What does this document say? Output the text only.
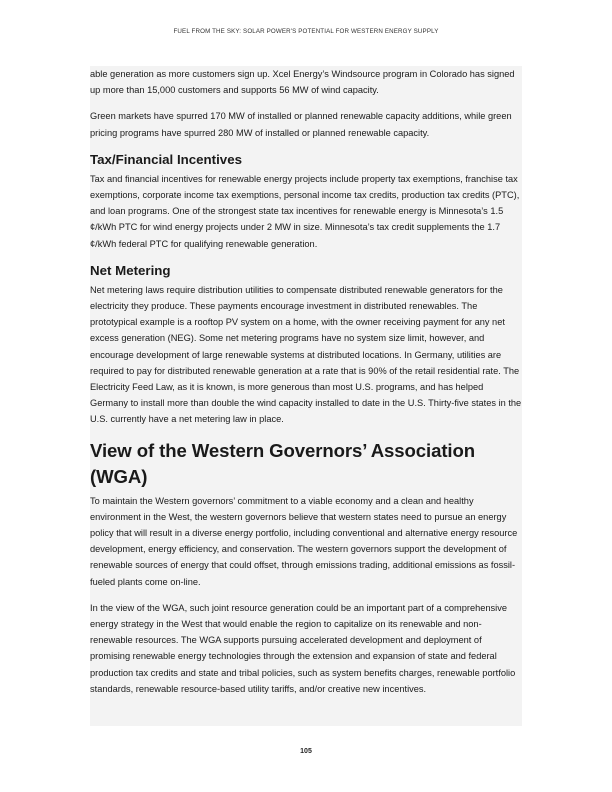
FUEL FROM THE SKY: SOLAR POWER'S POTENTIAL FOR WESTERN ENERGY SUPPLY

able generation as more customers sign up. Xcel Energy’s Windsource program in Colorado has signed up more than 15,000 customers and supports 56 MW of wind capacity.

Green markets have spurred 170 MW of installed or planned renewable capacity additions, while green pricing programs have spurred 280 MW of installed or planned renewable capacity.

Tax/Financial Incentives

Tax and financial incentives for renewable energy projects include property tax exemptions, franchise tax exemptions, corporate income tax exemptions, personal income tax credits, production tax credits (PTC), and loan programs. One of the strongest state tax incentives for renewable energy is Minnesota’s 1.5 ¢/kWh PTC for wind energy projects under 2 MW in size. Minnesota’s tax credit supplements the 1.7 ¢/kWh federal PTC for qualifying renewable generation.

Net Metering

Net metering laws require distribution utilities to compensate distributed renewable generators for the electricity they produce. These payments encourage investment in distributed renewables. The prototypical example is a rooftop PV system on a home, with the owner receiving payment for any net excess generation (NEG). Some net metering programs have no system size limit, however, and encourage development of large renewable systems at distributed locations. In Germany, utilities are required to pay for distributed renewable generation at a rate that is 90% of the retail residential rate. The Electricity Feed Law, as it is known, is more generous than most U.S. programs, and has helped Germany to install more than double the wind capacity installed to date in the U.S. Thirty-five states in the U.S. currently have a net metering law in place.

View of the Western Governors’ Association (WGA)

To maintain the Western governors’ commitment to a viable economy and a clean and healthy environment in the West, the western governors believe that western states need to pursue an energy policy that will result in a diverse energy portfolio, including conventional and alternative energy resource development, energy efficiency, and conservation. The western governors support the development of renewable sources of energy that could offset, through emissions trading, additional emissions as fossil-fueled plants come on-line.

In the view of the WGA, such joint resource generation could be an important part of a comprehensive energy strategy in the West that would enable the region to capitalize on its renewable and non-renewable resources. The WGA supports pursuing accelerated development and deployment of promising renewable energy technologies through the extension and expansion of state and federal production tax credits and state and tribal policies, such as system benefits charges, renewable portfolio standards, renewable resource-based utility tariffs, and/or creative new incentives.

105
